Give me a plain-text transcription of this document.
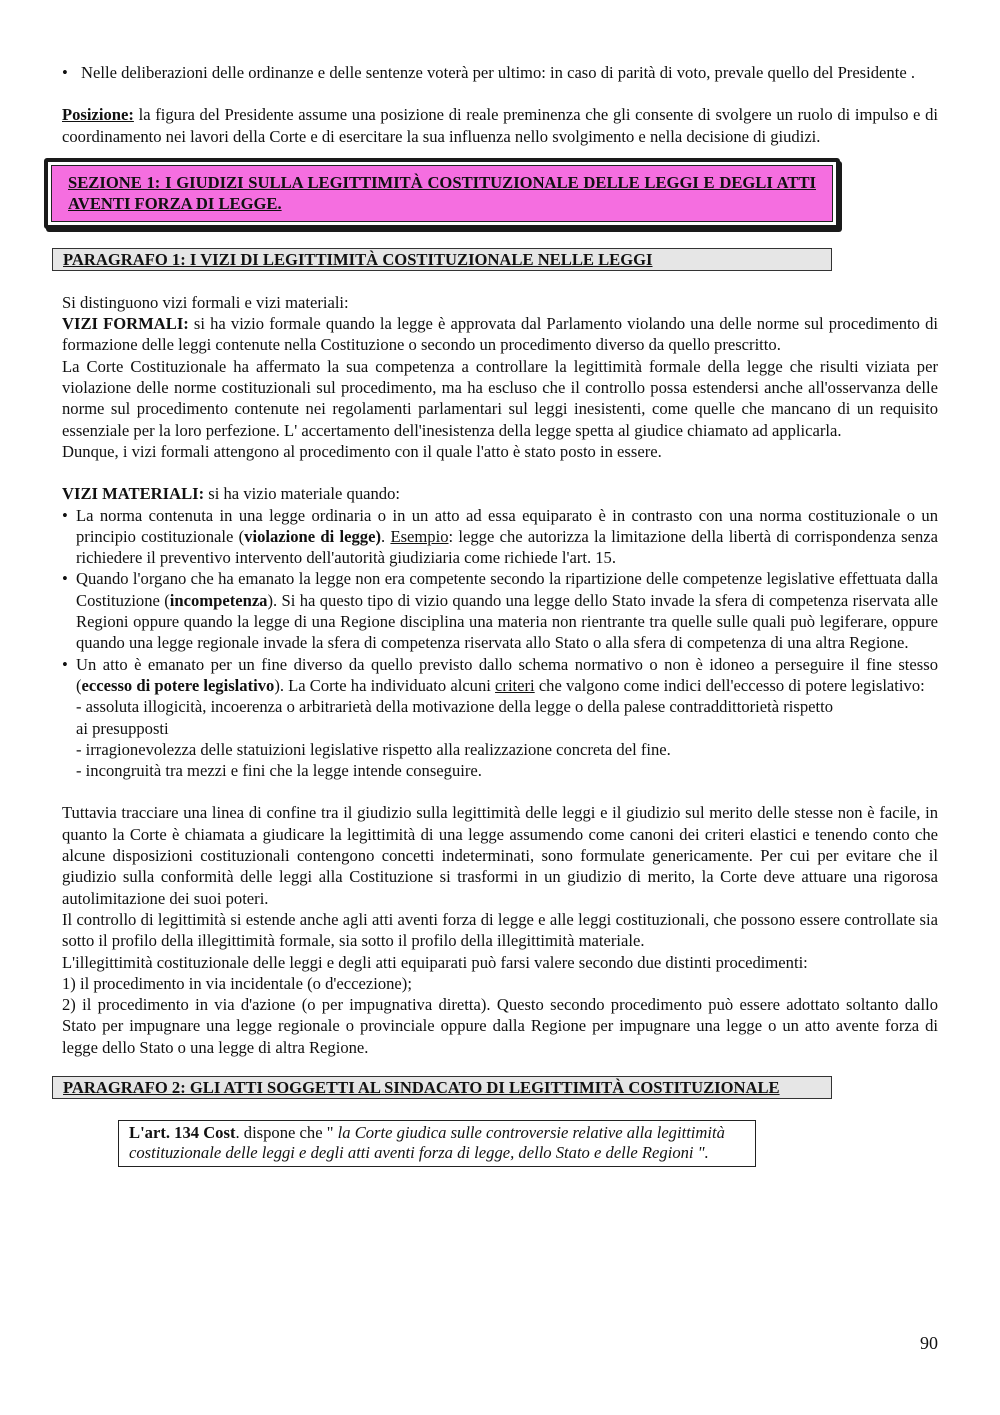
• Nelle deliberazioni delle ordinanze e delle sentenze voterà per ultimo: in caso di parità di voto, prevale quello del Presidente .

Posizione: la figura del Presidente assume una posizione di reale preminenza che gli consente di svolgere un ruolo di impulso e di coordinamento nei lavori della Corte e di esercitare la sua influenza nello svolgimento e nella decisione di giudizi.

SEZIONE 1: I GIUDIZI SULLA LEGITTIMITÀ COSTITUZIONALE DELLE LEGGI E DEGLI ATTI AVENTI FORZA DI LEGGE.
PARAGRAFO 1: I VIZI DI LEGITTIMITÀ COSTITUZIONALE NELLE LEGGI

Si distinguono vizi formali e vizi materiali:

VIZI FORMALI: si ha vizio formale quando la legge è approvata dal Parlamento violando una delle norme sul procedimento di formazione delle leggi contenute nella Costituzione o secondo un procedimento diverso da quello prescritto.

La Corte Costituzionale ha affermato la sua competenza a controllare la legittimità formale della legge che risulti viziata per violazione delle norme costituzionali sul procedimento, ma ha escluso che il controllo possa estendersi anche all'osservanza delle norme sul procedimento contenute nei regolamenti parlamentari sul leggi inesistenti, come quelle che mancano di un requisito essenziale per la loro perfezione. L' accertamento dell'inesistenza della legge spetta al giudice chiamato ad applicarla.

Dunque, i vizi formali attengono al procedimento con il quale l'atto è stato posto in essere.

VIZI MATERIALI: si ha vizio materiale quando:

• La norma contenuta in una legge ordinaria o in un atto ad essa equiparato è in contrasto con una norma costituzionale o un principio costituzionale (violazione di legge). Esempio: legge che autorizza la limitazione della libertà di corrispondenza senza richiedere il preventivo intervento dell'autorità giudiziaria come richiede l'art. 15.
• Quando l'organo che ha emanato la legge non era competente secondo la ripartizione delle competenze legislative effettuata dalla Costituzione (incompetenza). Si ha questo tipo di vizio quando una legge dello Stato invade la sfera di competenza riservata alle Regioni oppure quando la legge di una Regione disciplina una materia non rientrante tra quelle sulle quali può legiferare, oppure quando una legge regionale invade la sfera di competenza riservata allo Stato o alla sfera di competenza di una altra Regione.
• Un atto è emanato per un fine diverso da quello previsto dallo schema normativo o non è idoneo a perseguire il fine stesso (eccesso di potere legislativo). La Corte ha individuato alcuni criteri che valgono come indici dell'eccesso di potere legislativo:
- assoluta illogicità, incoerenza o arbitrarietà della motivazione della legge o della palese contraddittorietà rispetto
ai presupposti
- irragionevolezza delle statuizioni legislative rispetto alla realizzazione concreta del fine.
- incongruità tra mezzi e fini che la legge intende conseguire.

Tuttavia tracciare una linea di confine tra il giudizio sulla legittimità delle leggi e il giudizio sul merito delle stesse non è facile, in quanto la Corte è chiamata a giudicare la legittimità di una legge assumendo come canoni dei criteri elastici e tenendo conto che alcune disposizioni costituzionali contengono concetti indeterminati, sono formulate genericamente. Per cui per evitare che il giudizio sulla conformità delle leggi alla Costituzione si trasformi in un giudizio di merito, la Corte deve attuare una rigorosa autolimitazione dei suoi poteri.

Il controllo di legittimità si estende anche agli atti aventi forza di legge e alle leggi costituzionali, che possono essere controllate sia sotto il profilo della illegittimità formale, sia sotto il profilo della illegittimità materiale.

L'illegittimità costituzionale delle leggi e degli atti equiparati può farsi valere secondo due distinti procedimenti:

1) il procedimento in via incidentale (o d'eccezione);

2) il procedimento in via d'azione (o per impugnativa diretta). Questo secondo procedimento può essere adottato soltanto dallo Stato per impugnare una legge regionale o provinciale oppure dalla Regione per impugnare una legge o un atto avente forza di legge dello Stato o una legge di altra Regione.

PARAGRAFO 2: GLI ATTI SOGGETTI AL SINDACATO DI LEGITTIMITÀ COSTITUZIONALE
L'art. 134 Cost. dispone che " la Corte giudica sulle controversie relative alla legittimità costituzionale delle leggi e degli atti aventi forza di legge, dello Stato e delle Regioni ".
90
